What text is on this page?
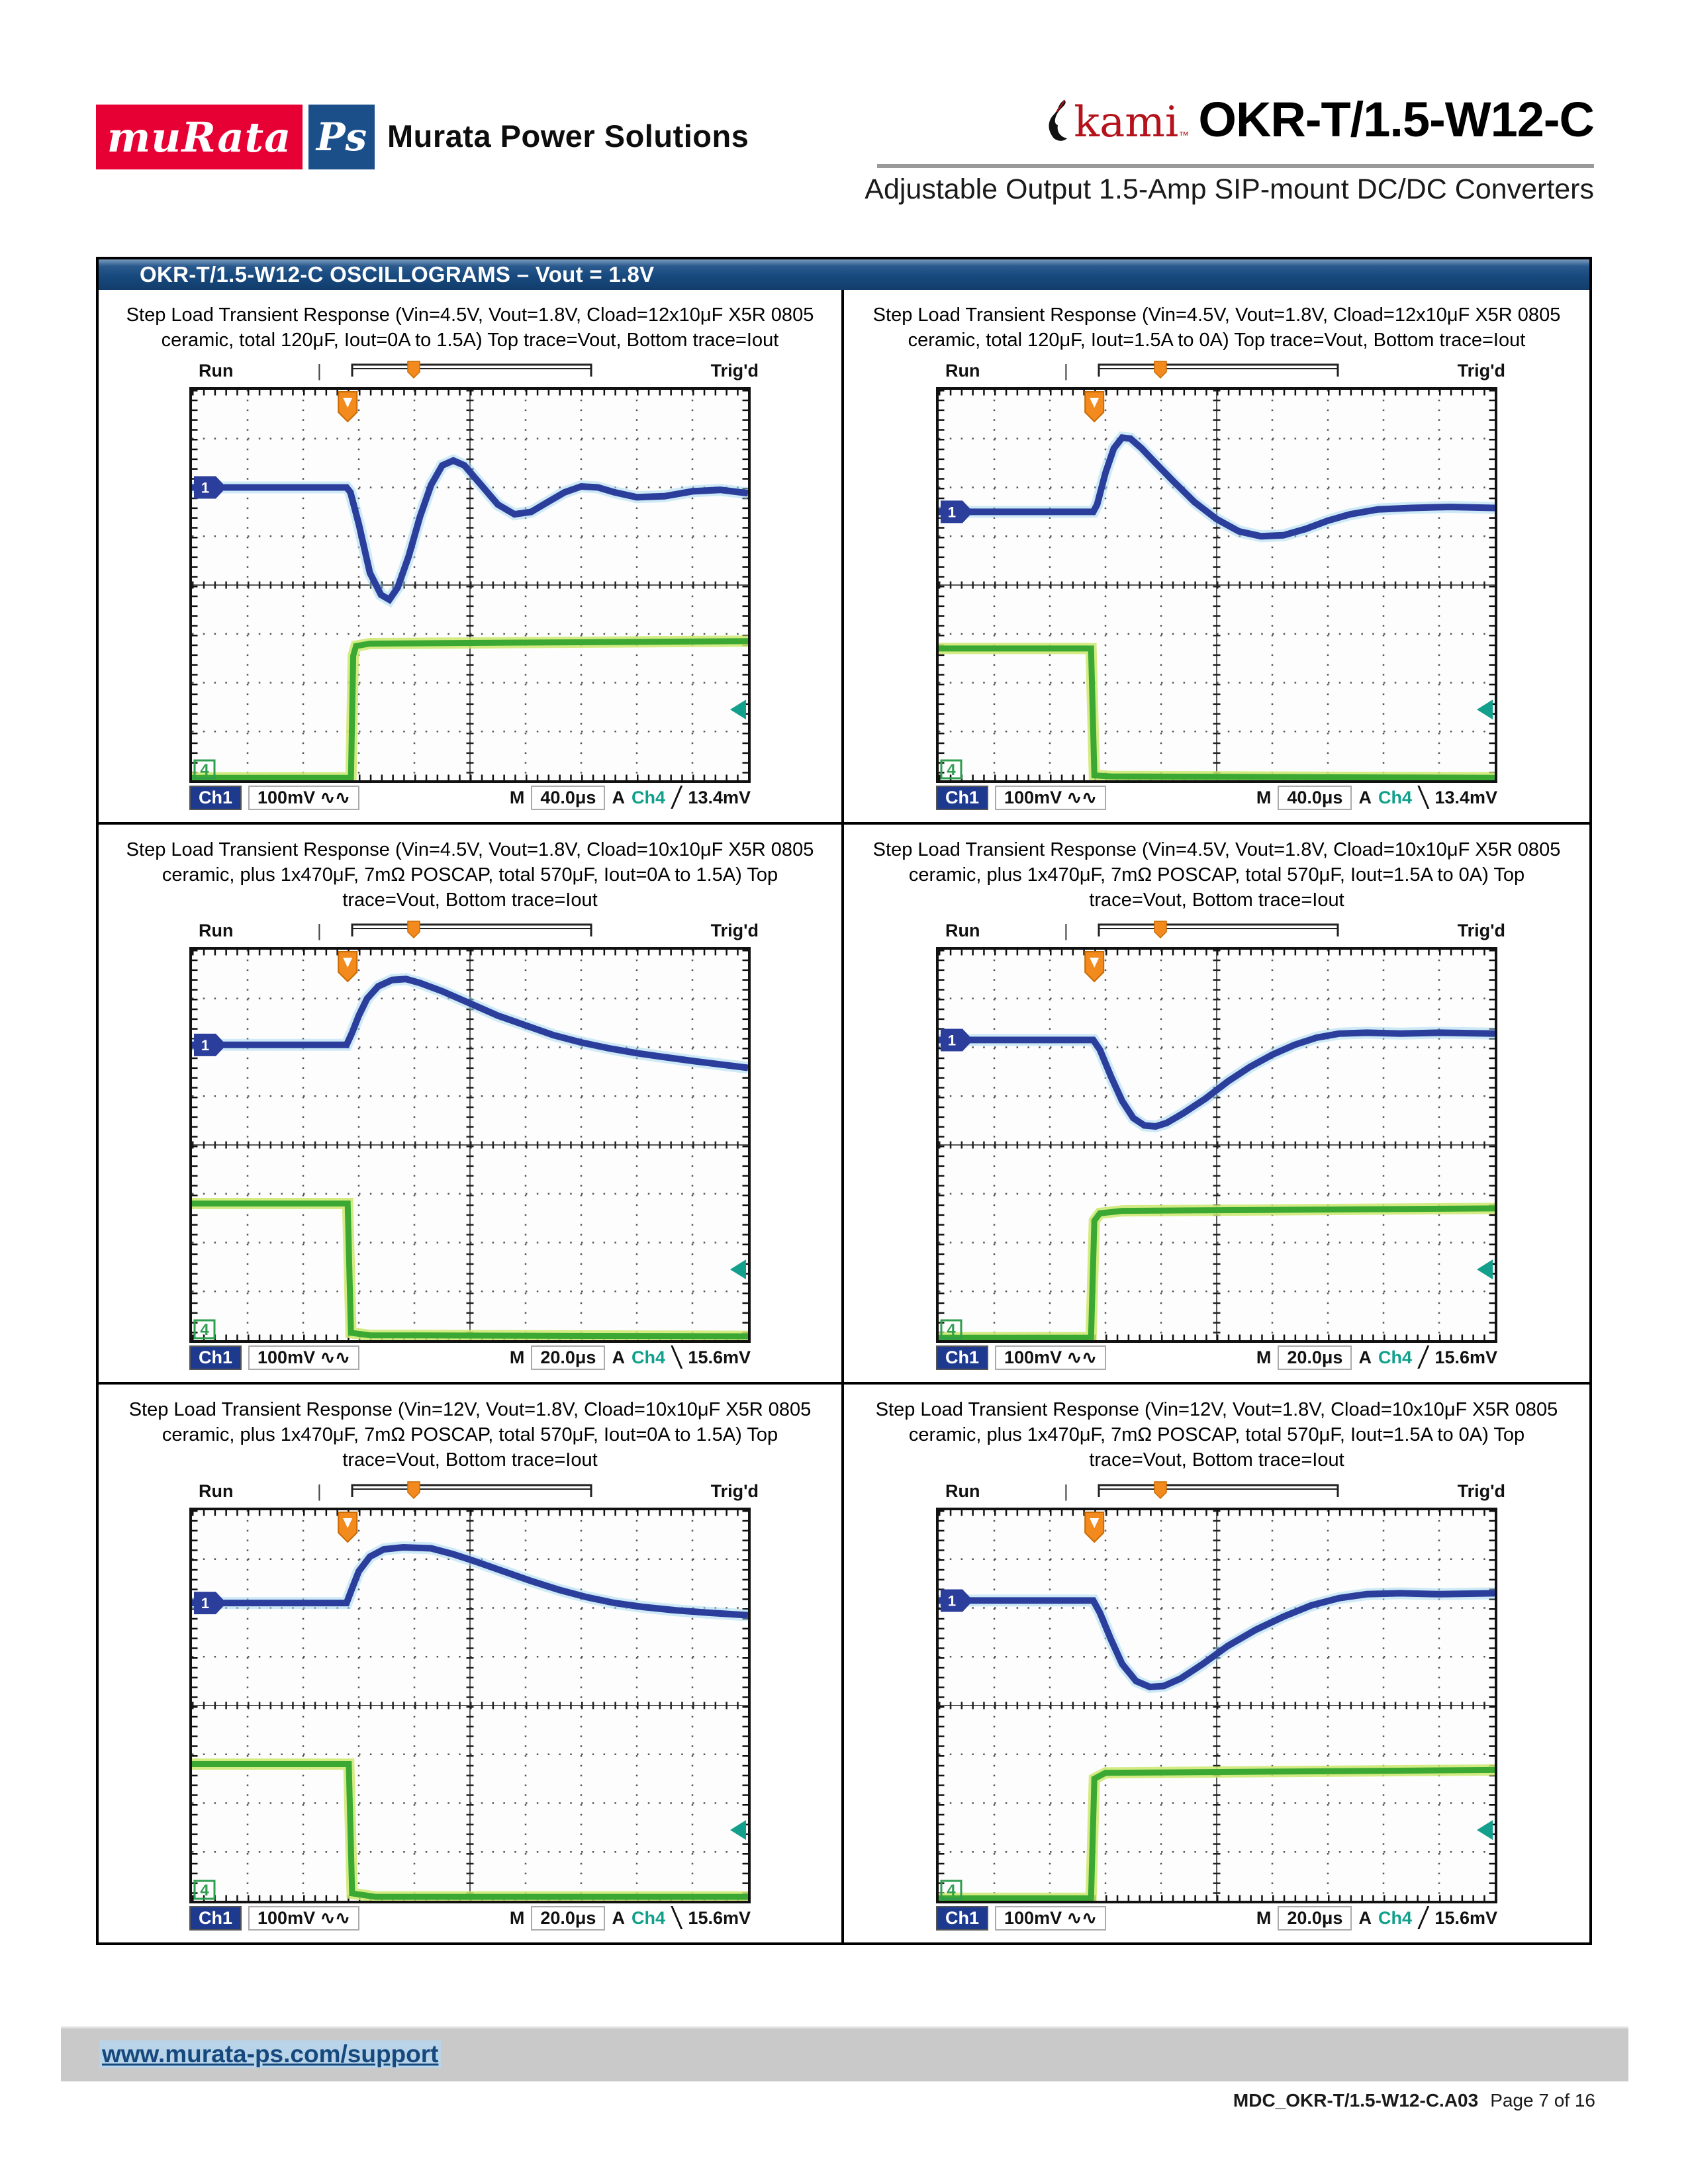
muRata Ps Murata Power Solutions	kami ™ OKR-T/1.5-W12-C
Adjustable Output 1.5-Amp SIP-mount DC/DC Converters
OKR-T/1.5-W12-C OSCILLOGRAMS – Vout = 1.8V
Step Load Transient Response (Vin=4.5V, Vout=1.8V, Cload=12x10μF X5R 0805 ceramic, total 120μF, Iout=0A to 1.5A) Top trace=Vout, Bottom trace=Iout
Run	|	Trig'd
1
4
Ch1	100mV ∿∿	M 40.0μs A Ch4 ╱ 13.4mV
Step Load Transient Response (Vin=4.5V, Vout=1.8V, Cload=12x10μF X5R 0805 ceramic, total 120μF, Iout=1.5A to 0A) Top trace=Vout, Bottom trace=Iout
Run	|	Trig'd
1
4
Ch1	100mV ∿∿	M 40.0μs A Ch4 ╲ 13.4mV
Step Load Transient Response (Vin=4.5V, Vout=1.8V, Cload=10x10μF X5R 0805 ceramic, plus 1x470μF, 7mΩ POSCAP, total 570μF, Iout=0A to 1.5A) Top trace=Vout, Bottom trace=Iout
Run	|	Trig'd
1
4
Ch1	100mV ∿∿	M 20.0μs A Ch4 ╲ 15.6mV
Step Load Transient Response (Vin=4.5V, Vout=1.8V, Cload=10x10μF X5R 0805 ceramic, plus 1x470μF, 7mΩ POSCAP, total 570μF, Iout=1.5A to 0A) Top trace=Vout, Bottom trace=Iout
Run	|	Trig'd
1
4
Ch1	100mV ∿∿	M 20.0μs A Ch4 ╱ 15.6mV
Step Load Transient Response (Vin=12V, Vout=1.8V, Cload=10x10μF X5R 0805 ceramic, plus 1x470μF, 7mΩ POSCAP, total 570μF, Iout=0A to 1.5A) Top trace=Vout, Bottom trace=Iout
Run	|	Trig'd
1
4
Ch1	100mV ∿∿	M 20.0μs A Ch4 ╲ 15.6mV
Step Load Transient Response (Vin=12V, Vout=1.8V, Cload=10x10μF X5R 0805 ceramic, plus 1x470μF, 7mΩ POSCAP, total 570μF, Iout=1.5A to 0A) Top trace=Vout, Bottom trace=Iout
Run	|	Trig'd
1
4
Ch1	100mV ∿∿	M 20.0μs A Ch4 ╱ 15.6mV
www.murata-ps.com/support
MDC_OKR-T/1.5-W12-C.A03 Page 7 of 16
